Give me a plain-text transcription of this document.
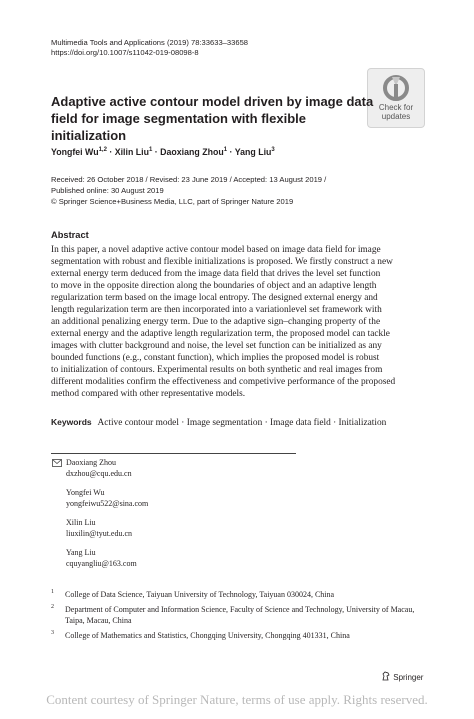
Multimedia Tools and Applications (2019) 78:33633–33658
https://doi.org/10.1007/s11042-019-08098-8
Check for
updates
Adaptive active contour model driven by image data
field for image segmentation with flexible initialization
Yongfei Wu$^{1,2}$ · Xilin Liu$^1$ · Daoxiang Zhou$^1$ · Yang Liu$^3$
Received: 26 October 2018 / Revised: 23 June 2019 / Accepted: 13 August 2019 /
Published online: 30 August 2019
© Springer Science+Business Media, LLC, part of Springer Nature 2019
Abstract
In this paper, a novel adaptive active contour model based on image data field for image
segmentation with robust and flexible initializations is proposed. We firstly construct a new
external energy term deduced from the image data field that drives the level set function
to move in the opposite direction along the boundaries of object and an adaptive length
regularization term based on the image local entropy. The designed external energy and
length regularization term are then incorporated into a variationlevel set framework with
an additional penalizing energy term. Due to the adaptive sign–changing property of the
external energy and the adaptive length regularization term, the proposed model can tackle
images with clutter background and noise, the level set function can be initialized as any
bounded functions (e.g., constant function), which implies the proposed model is robust
to initialization of contours. Experimental results on both synthetic and real images from
different modalities confirm the effectiveness and competivive performance of the proposed
method compared with other representative models.
Keywords Active contour model · Image segmentation · Image data field · Initialization
Daoxiang Zhou
dxzhou@cqu.edu.cn
Yongfei Wu
yongfeiwu522@sina.com
Xilin Liu
liuxilin@tyut.edu.cn
Yang Liu
cquyangliu@163.com
1 College of Data Science, Taiyuan University of Technology, Taiyuan 030024, China
2 Department of Computer and Information Science, Faculty of Science and Technology, University of Macau, Taipa, Macau, China
3 College of Mathematics and Statistics, Chongqing University, Chongqing 401331, China
Springer
Content courtesy of Springer Nature, terms of use apply. Rights reserved.
